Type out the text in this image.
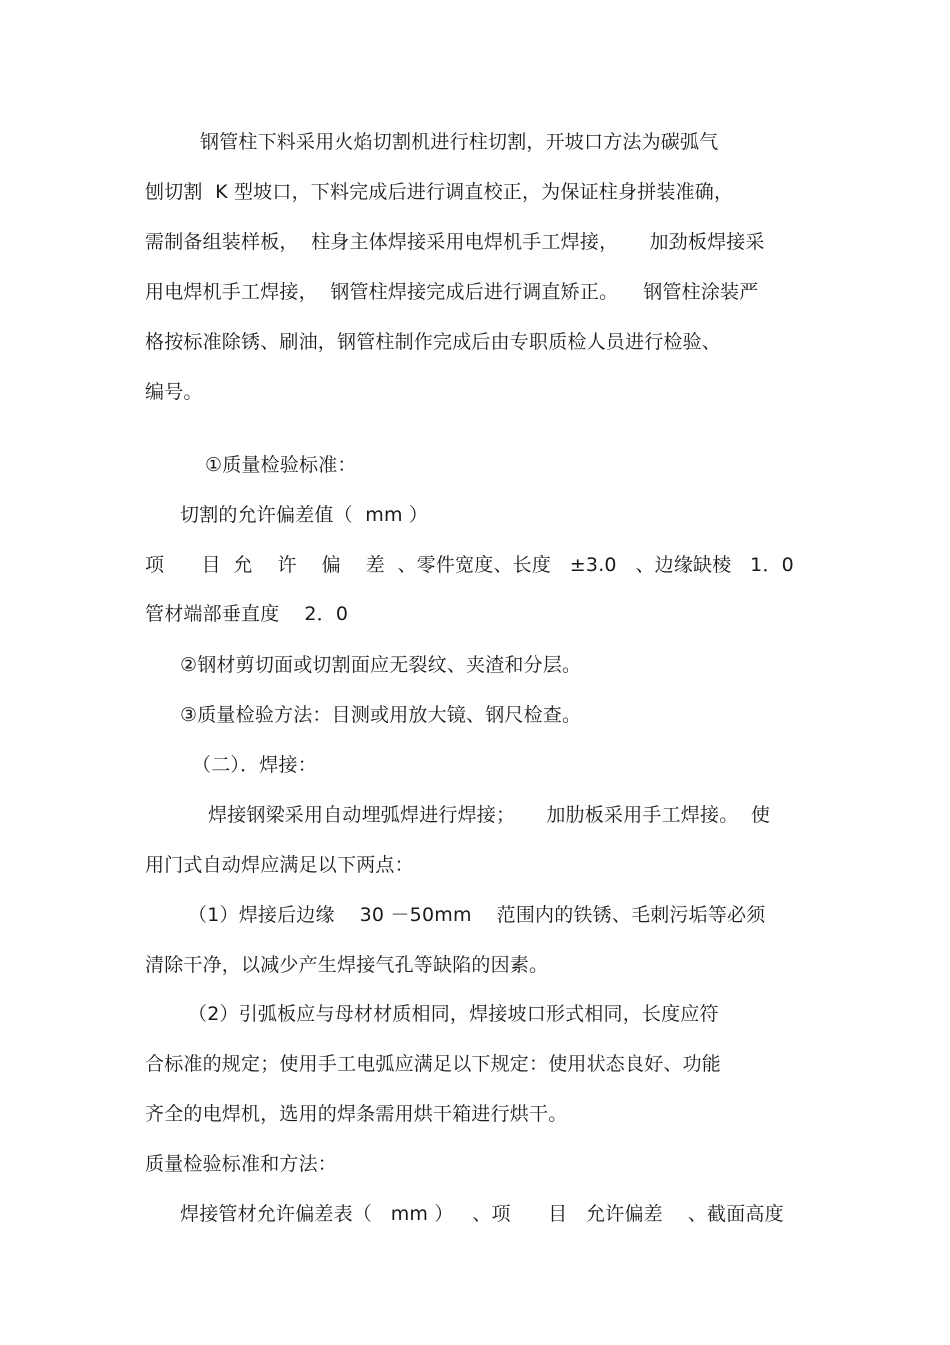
钢管柱下料采用火焰切割机进行柱切割，开坡口方法为碳弧气
刨切割  K 型坡口，下料完成后进行调直校正，为保证柱身拼装准确，
需制备组装样板，  柱身主体焊接采用电焊机手工焊接，     加劲板焊接采
用电焊机手工焊接，  钢管柱焊接完成后进行调直矫正。    钢管柱涂装严
格按标准除锈、刷油，钢管柱制作完成后由专职质检人员进行检验、
编号。
①质量检验标准：
切割的允许偏差值（  mm ）
项      目  允    许    偏    差  、零件宽度、长度   ±3.0   、边缘缺棱   1．0
管材端部垂直度    2．0
②钢材剪切面或切割面应无裂纹、夹渣和分层。
③质量检验方法：目测或用放大镜、钢尺检查。
（二）．焊接：
焊接钢梁采用自动埋弧焊进行焊接；     加肋板采用手工焊接。  使
用门式自动焊应满足以下两点：
（1）焊接后边缘    30 －50mm    范围内的铁锈、毛刺污垢等必须
清除干净，以减少产生焊接气孔等缺陷的因素。
（2）引弧板应与母材材质相同，焊接坡口形式相同，长度应符
合标准的规定；使用手工电弧应满足以下规定：使用状态良好、功能
齐全的电焊机，选用的焊条需用烘干箱进行烘干。
质量检验标准和方法：
焊接管材允许偏差表（   mm ）   、项      目   允许偏差    、截面高度
